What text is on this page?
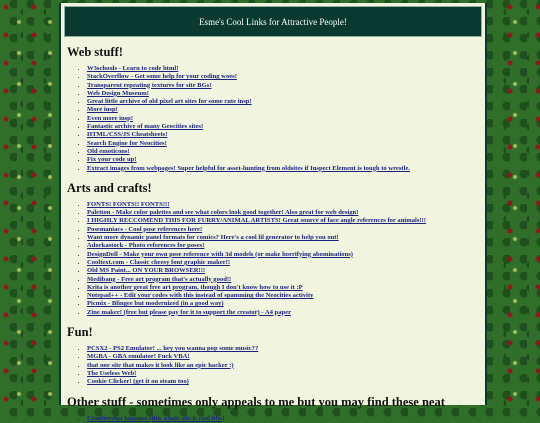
Esme's Cool Links for Attractive People!
Web stuff!
• W3schools - Learn to code html!
• StackOverflow - Get some help for your coding woes!
• Transparent repeating textures for site BGs!
• Web Design Museum!
• Great little archive of old pixel art sites for some cute insp!
• More insp!
• Even more insp!
• Fantastic archive of many Geocities sites!
• HTML/CSS/JS Cheatsheets!
• Search Engine for Neocities!
• Old emoticons!
• Fix your code up!
• Extract images from webpages! Super helpful for asset-hunting from oldsites if Inspect Element is tough to wrestle.
Arts and crafts!
• FONTS! FONTS!! FONTS!!!
• Paletton - Make color palettes and see what colors look good together! Also great for web design!
• I HIGHLY RECCOMEND THIS FOR FURRY/ANIMAL ARTISTS! Great source of face angle references for animals!!!
• Posemaniacs - Cool pose references here!
• Want more dynamic panel formats for comics? Here's a cool lil generator to help you out!
• Adorkastock - Photo references for poses!
• DesignDoll - Make your own pose reference with 3d models (or make horrifying abominations)
• Cooltext.com - Classic cheesy font graphic maker!!
• Old MS Paint... ON YOUR BROWSER!!!
• Medibang - Free art program that's actually good!!
• Krita is another great free art program, though I don't know how to use it :P
• Notepad++ - Edit your codes with this instead of spamming the Neocities activity
• Picmix - Blingee but modernized (in a good way)
• Zine maker! (free but please pay for it to support the creator) - A4 paper
Fun!
• PCSX2 - PS2 Emulator! ... hey you wanna pop some music??
• MGBA - GBA emulator! Fuck VBA!
• that one site that makes it look like an epic hacker :)
• The Useless Web!
• Cookie Clicker! (get it on steam too)
Other stuff - sometimes only appeals to me but you may find these neat
• Cranberrfur fanzines (this whole site is cool btw)
